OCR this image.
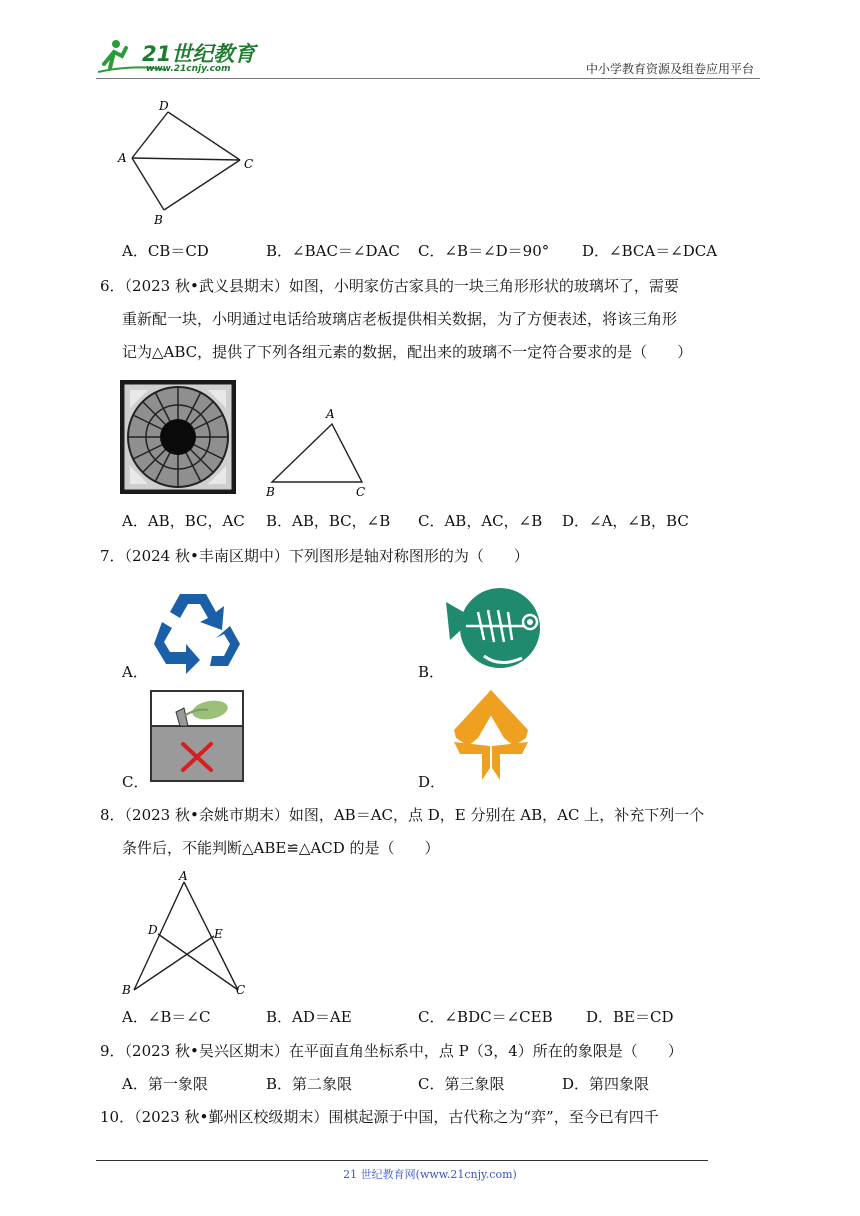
21世纪教育
www.21cnjy.com	中小学教育资源及组卷应用平台
D
A	C
B
A．CB＝CD	B．∠BAC＝∠DAC C．∠B＝∠D＝90° D．∠BCA＝∠DCA
6．（2023 秋•武义县期末）如图，小明家仿古家具的一块三角形形状的玻璃坏了，需要
重新配一块，小明通过电话给玻璃店老板提供相关数据，为了方便表述，将该三角形
记为△ABC，提供了下列各组元素的数据，配出来的玻璃不一定符合要求的是（　　）
A
B	C
A．AB，BC，AC B．AB，BC，∠B C．AB，AC，∠B D．∠A，∠B，BC
7．（2024 秋•丰南区期中）下列图形是轴对称图形的为（　　）
A．	B．
C．	D．
8．（2023 秋•余姚市期末）如图，AB＝AC，点 D，E 分别在 AB，AC 上，补充下列一个
条件后，不能判断△ABE≌△ACD 的是（　　）
A
D	E
B	C
A．∠B＝∠C	B．AD＝AE	C．∠BDC＝∠CEB D．BE＝CD
9．（2023 秋•吴兴区期末）在平面直角坐标系中，点 P（3，4）所在的象限是（　　）
A．第一象限	B．第二象限	C．第三象限	D．第四象限
10．（2023 秋•鄞州区校级期末）围棋起源于中国，古代称之为“弈”，至今已有四千
21 世纪教育网(www.21cnjy.com)
